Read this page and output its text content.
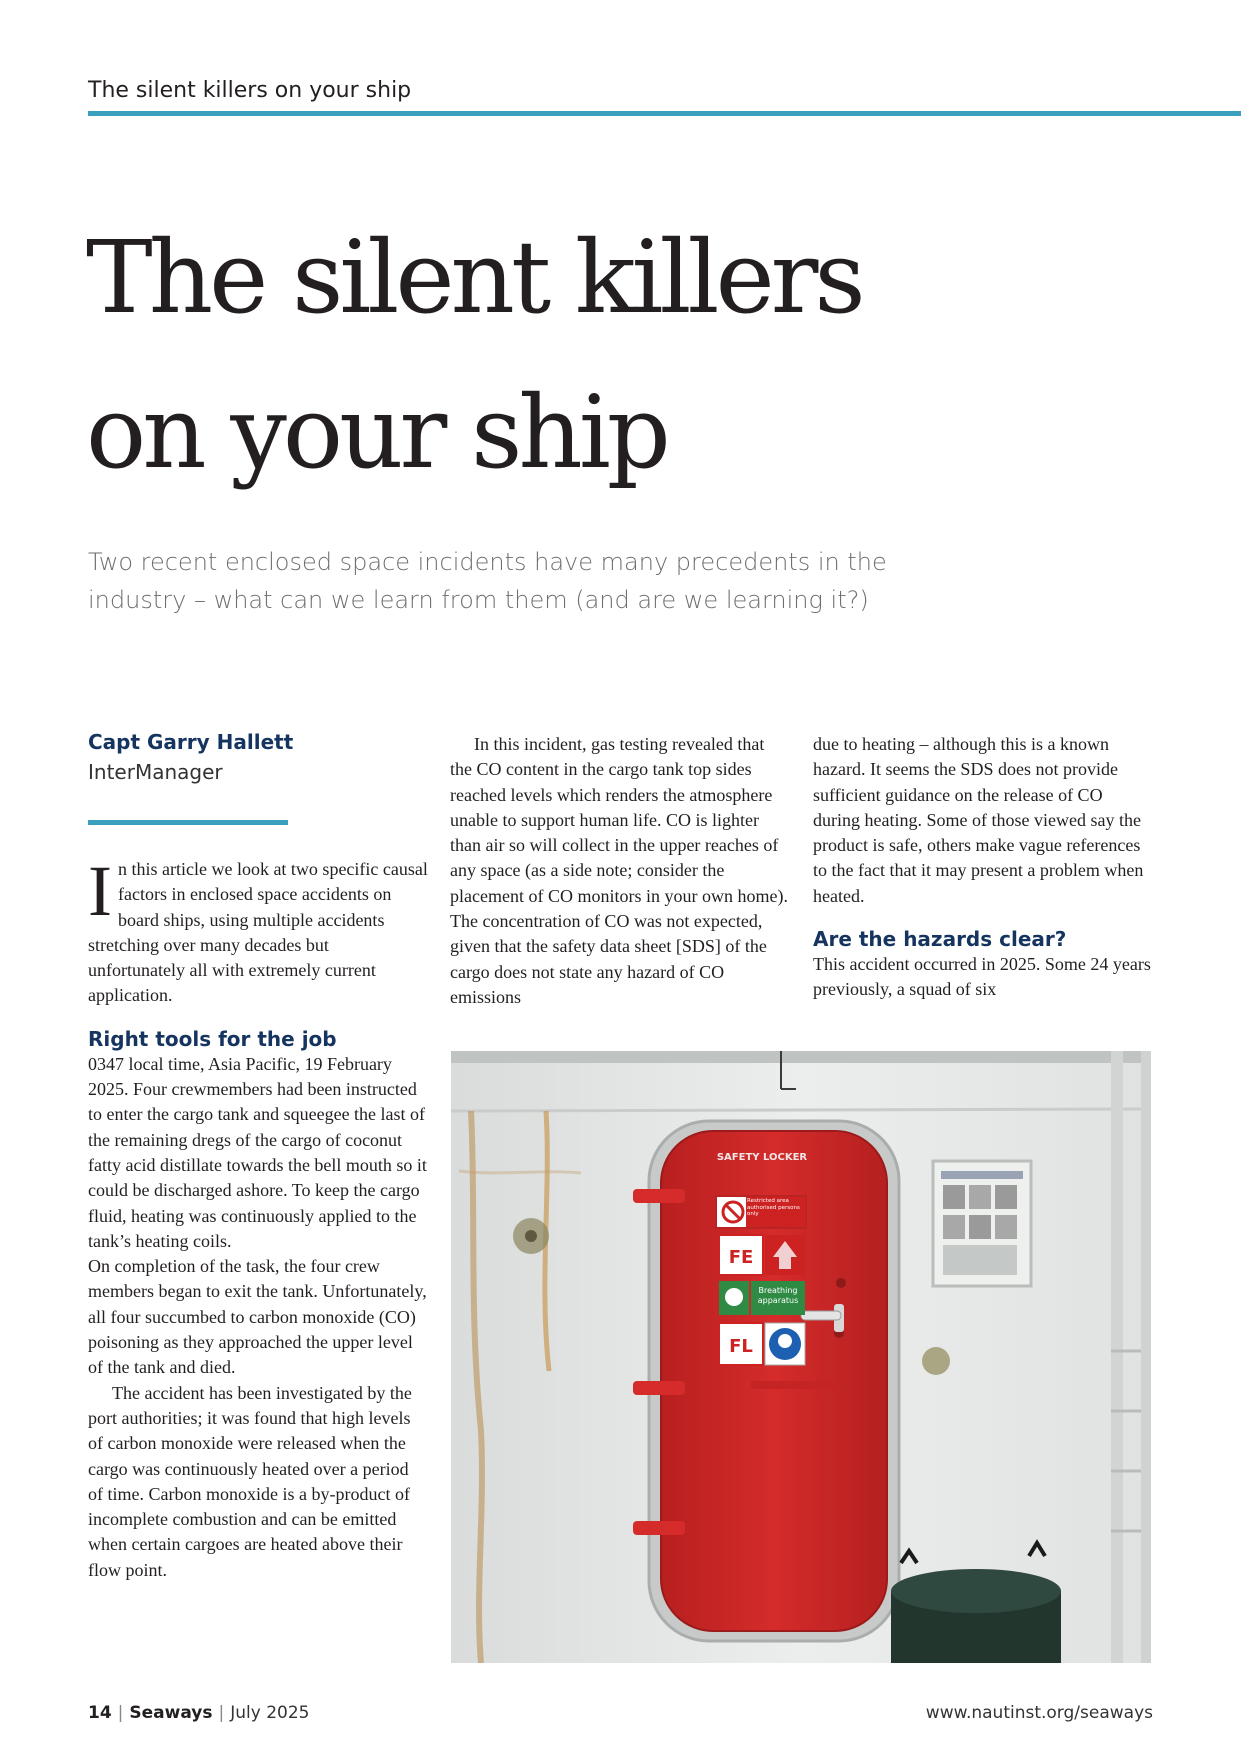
The silent killers on your ship
The silent killers
on your ship

Two recent enclosed space incidents have many precedents in the industry – what can we learn from them (and are we learning it?)

Capt Garry Hallett
InterManager

In this article we look at two specific causal factors in enclosed space accidents on board ships, using multiple accidents stretching over many decades but unfortunately all with extremely current application.

Right tools for the job

0347 local time, Asia Pacific, 19 February 2025. Four crewmembers had been instructed to enter the cargo tank and squeegee the last of the remaining dregs of the cargo of coconut fatty acid distillate towards the bell mouth so it could be discharged ashore. To keep the cargo fluid, heating was continuously applied to the tank’s heating coils.

On completion of the task, the four crew members began to exit the tank. Unfortunately, all four succumbed to carbon monoxide (CO) poisoning as they approached the upper level of the tank and died.

The accident has been investigated by the port authorities; it was found that high levels of carbon monoxide were released when the cargo was continuously heated over a period of time. Carbon monoxide is a by-product of incomplete combustion and can be emitted when certain cargoes are heated above their flow point.

In this incident, gas testing revealed that the CO content in the cargo tank top sides reached levels which renders the atmosphere unable to support human life. CO is lighter than air so will collect in the upper reaches of any space (as a side note; consider the placement of CO monitors in your own home). The concentration of CO was not expected, given that the safety data sheet [SDS] of the cargo does not state any hazard of CO emissions

due to heating – although this is a known hazard. It seems the SDS does not provide sufficient guidance on the release of CO during heating. Some of those viewed say the product is safe, others make vague references to the fact that it may present a problem when heated.

Are the hazards clear?

This accident occurred in 2025. Some 24 years previously, a squad of six

SAFETY LOCKER
Restricted area authorised persons only
FE
Breathing apparatus
FL
14 | Seaways | July 2025	www.nautinst.org/seaways
